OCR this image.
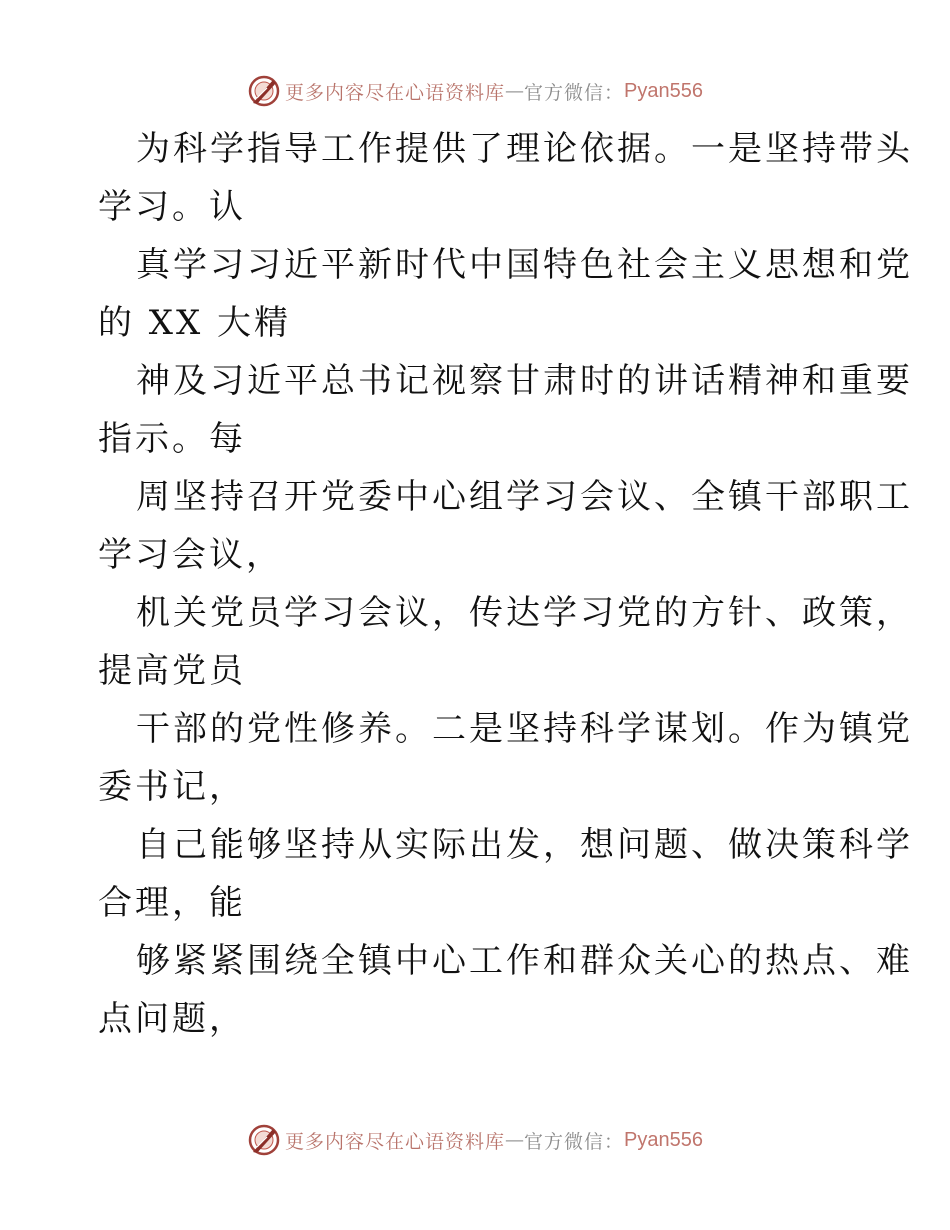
更多内容尽在心语资料库 — 官方微信： Pyan556
为科学指导工作提供了理论依据。一是坚持带头
学习。认
真学习习近平新时代中国特色社会主义思想和党
的 XX 大精
神及习近平总书记视察甘肃时的讲话精神和重要
指示。每
周坚持召开党委中心组学习会议、全镇干部职工
学习会议，
机关党员学习会议，传达学习党的方针、政策，
提高党员
干部的党性修养。二是坚持科学谋划。作为镇党
委书记，
自己能够坚持从实际出发，想问题、做决策科学
合理，能
够紧紧围绕全镇中心工作和群众关心的热点、难
点问题，
更多内容尽在心语资料库 — 官方微信： Pyan556
